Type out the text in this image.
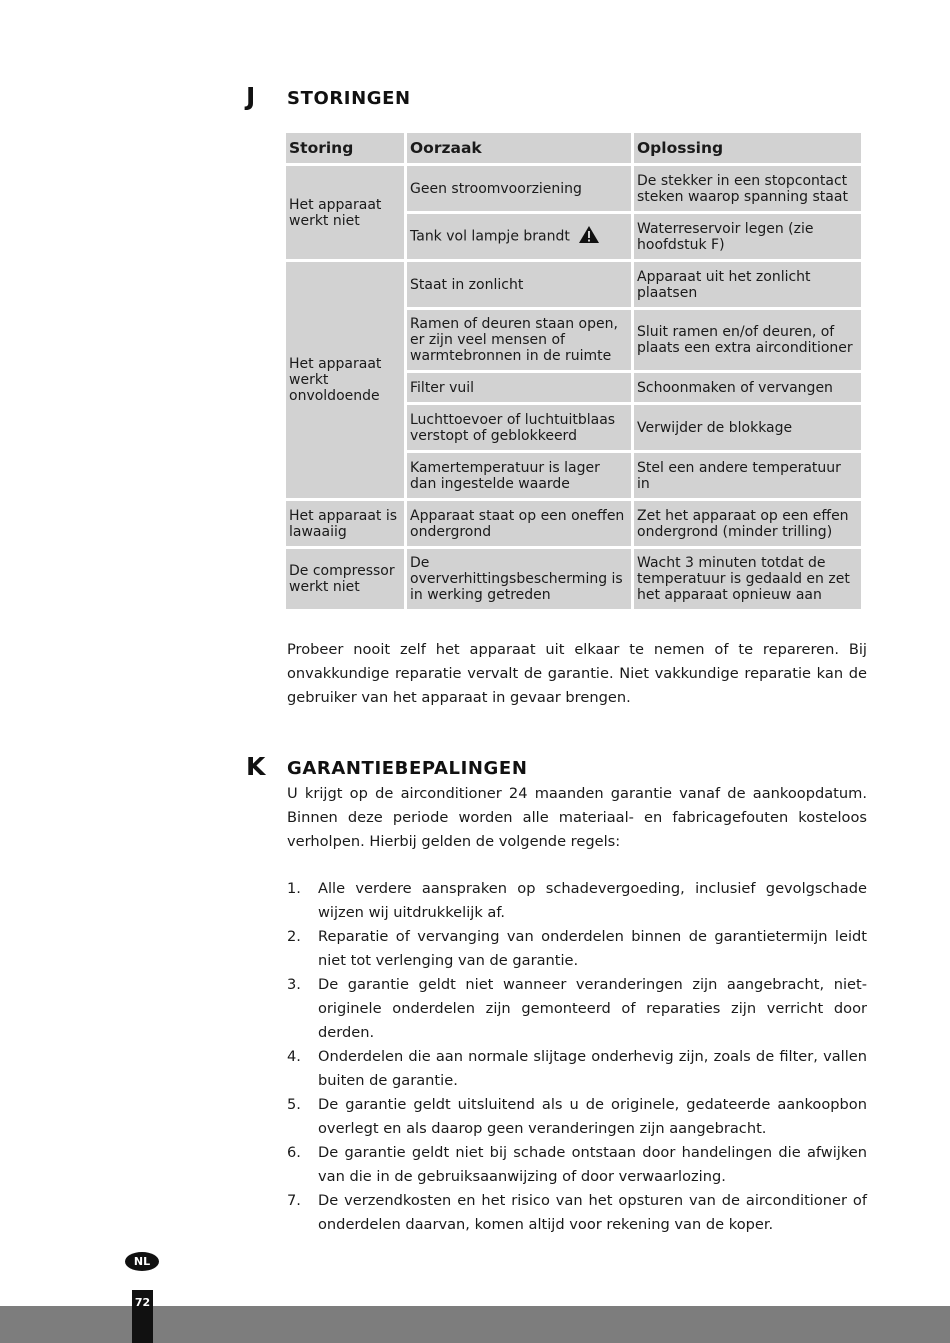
J STORINGEN
Storing	Oorzaak	Oplossing
Het apparaat werkt niet	Geen stroomvoorziening	De stekker in een stopcontact steken waarop spanning staat
	Tank vol lampje brandt	Waterreservoir legen (zie hoofdstuk F)
Het apparaat werkt onvoldoende	Staat in zonlicht	Apparaat uit het zonlicht plaatsen
	Ramen of deuren staan open, er zijn veel mensen of warmtebronnen in de ruimte	Sluit ramen en/of deuren, of plaats een extra airconditioner
	Filter vuil	Schoonmaken of vervangen
	Luchttoevoer of luchtuitblaas verstopt of geblokkeerd	Verwijder de blokkage
	Kamertemperatuur is lager dan ingestelde waarde	Stel een andere temperatuur in
Het apparaat is lawaaiig	Apparaat staat op een oneffen ondergrond	Zet het apparaat op een effen ondergrond (minder trilling)
De compressor werkt niet	De oververhittingsbescherming is in werking getreden	Wacht 3 minuten totdat de temperatuur is gedaald en zet het apparaat opnieuw aan

Probeer nooit zelf het apparaat uit elkaar te nemen of te repareren. Bij onvakkundige reparatie vervalt de garantie. Niet vakkundige reparatie kan de gebruiker van het apparaat in gevaar brengen.

K GARANTIEBEPALINGEN

U krijgt op de airconditioner 24 maanden garantie vanaf de aankoopdatum. Binnen deze periode worden alle materiaal- en fabricagefouten kosteloos verholpen. Hierbij gelden de volgende regels:

1. Alle verdere aanspraken op schadevergoeding, inclusief gevolgschade wijzen wij uitdrukkelijk af.
2. Reparatie of vervanging van onderdelen binnen de garantietermijn leidt niet tot verlenging van de garantie.
3. De garantie geldt niet wanneer veranderingen zijn aangebracht, niet-originele onderdelen zijn gemonteerd of reparaties zijn verricht door derden.
4. Onderdelen die aan normale slijtage onderhevig zijn, zoals de filter, vallen buiten de garantie.
5. De garantie geldt uitsluitend als u de originele, gedateerde aankoopbon overlegt en als daarop geen veranderingen zijn aangebracht.
6. De garantie geldt niet bij schade ontstaan door handelingen die afwijken van die in de gebruiksaanwijzing of door verwaarlozing.
7. De verzendkosten en het risico van het opsturen van de airconditioner of onderdelen daarvan, komen altijd voor rekening van de koper.
NL
72
